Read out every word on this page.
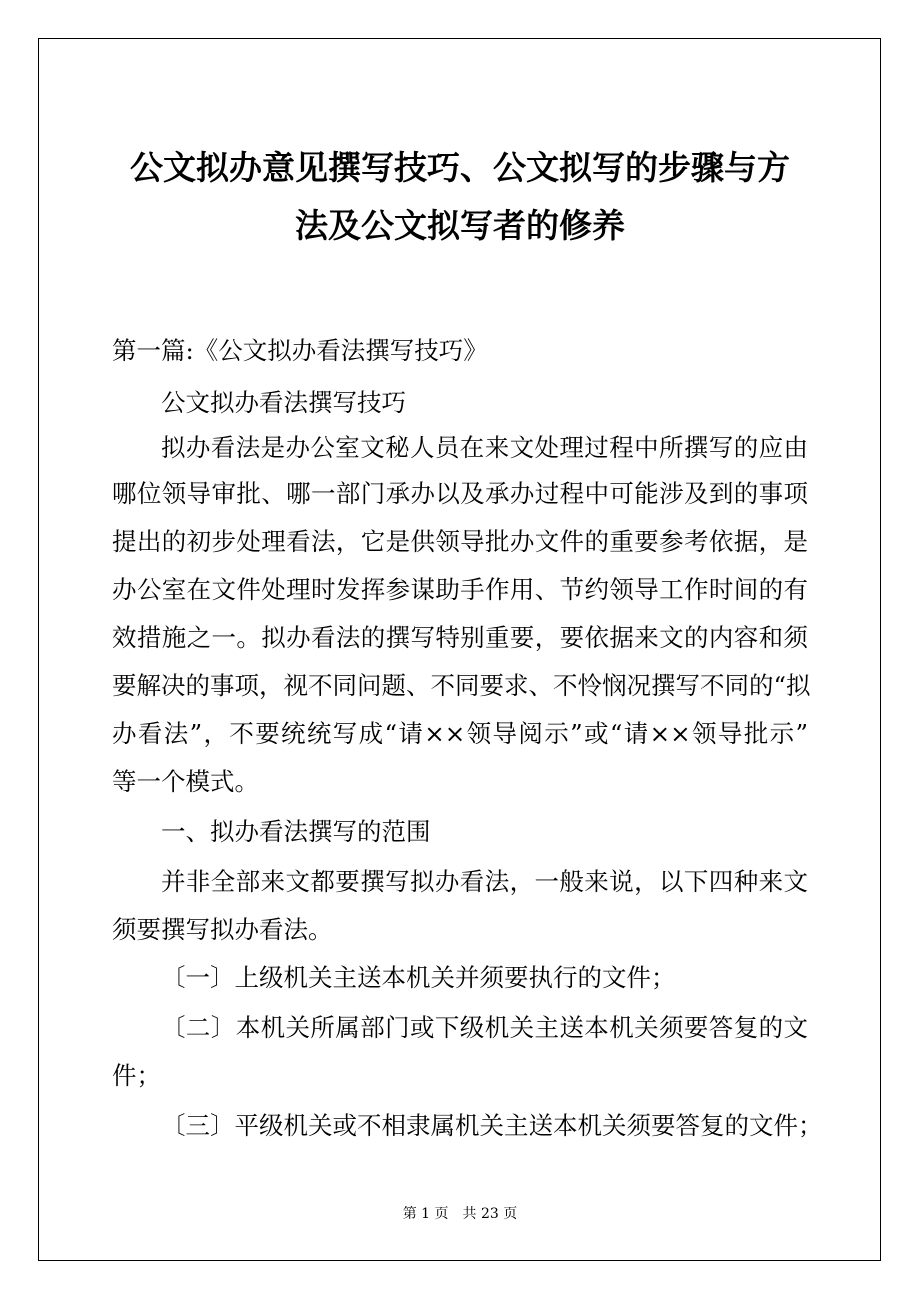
公文拟办意见撰写技巧、公文拟写的步骤与方
法及公文拟写者的修养
第一篇:《公文拟办看法撰写技巧》
公文拟办看法撰写技巧
拟办看法是办公室文秘人员在来文处理过程中所撰写的应由
哪位领导审批、哪一部门承办以及承办过程中可能涉及到的事项
提出的初步处理看法，它是供领导批办文件的重要参考依据，是
办公室在文件处理时发挥参谋助手作用、节约领导工作时间的有
效措施之一。拟办看法的撰写特别重要，要依据来文的内容和须
要解决的事项，视不同问题、不同要求、不怜悯况撰写不同的“拟
办看法”，不要统统写成“请××领导阅示”或“请××领导批示”
等一个模式。
一、拟办看法撰写的范围
并非全部来文都要撰写拟办看法，一般来说，以下四种来文
须要撰写拟办看法。
〔一〕上级机关主送本机关并须要执行的文件；
〔二〕本机关所属部门或下级机关主送本机关须要答复的文
件；
〔三〕平级机关或不相隶属机关主送本机关须要答复的文件；
第 1 页　共 23 页
